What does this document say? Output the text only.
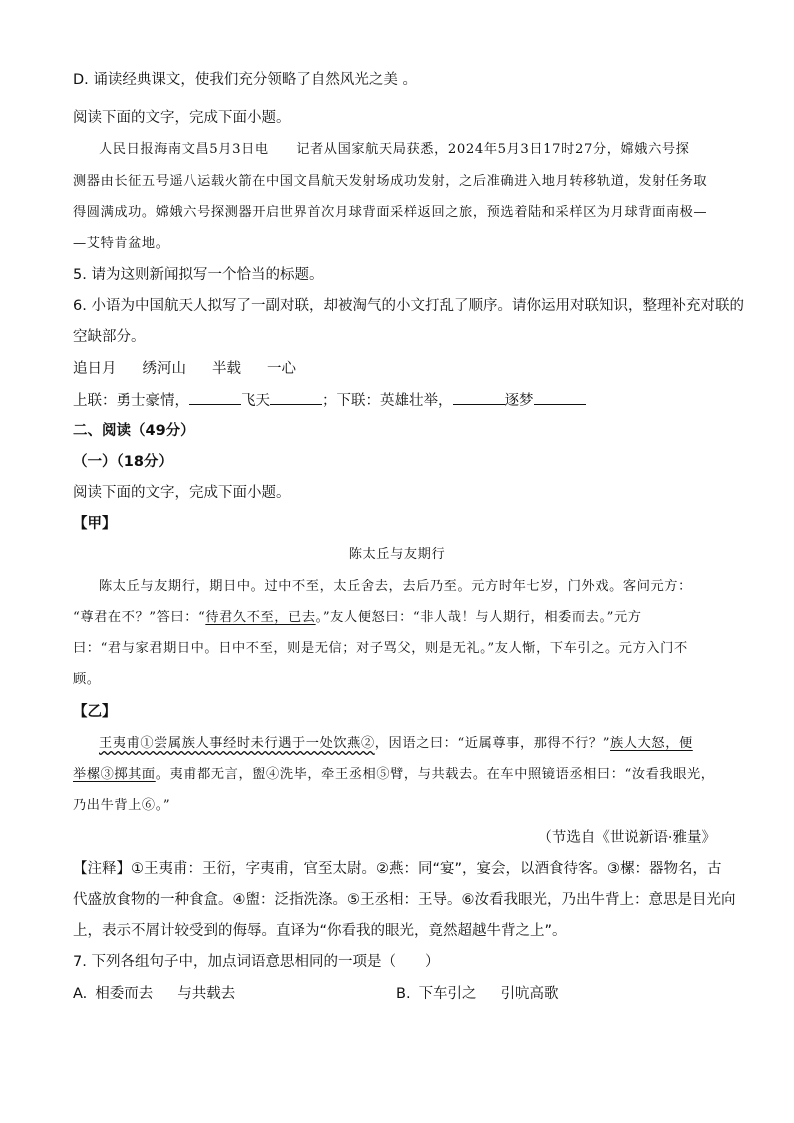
D. 诵读经典课文，使我们充分领略了自然风光之美 。
阅读下面的文字，完成下面小题。
人民日报海南文昌5月3日电　　记者从国家航天局获悉，2024年5月3日17时27分，嫦娥六号探
测器由长征五号遥八运载火箭在中国文昌航天发射场成功发射，之后准确进入地月转移轨道，发射任务取
得圆满成功。嫦娥六号探测器开启世界首次月球背面采样返回之旅，预选着陆和采样区为月球背面南极—
—艾特肯盆地。
5. 请为这则新闻拟写一个恰当的标题。
6. 小语为中国航天人拟写了一副对联，却被淘气的小文打乱了顺序。请你运用对联知识，整理补充对联的
空缺部分。
追日月 绣河山 半载 一心
上联：勇士豪情，	飞天	；下联：英雄壮举，	逐梦
二、阅读（49分）
（一）（18分）
阅读下面的文字，完成下面小题。
【甲】
陈太丘与友期行
陈太丘与友期行，期日中。过中不至，太丘舍去，去后乃至。元方时年七岁，门外戏。客问元方：
“尊君在不？”答曰：“待君久不至，已去。”友人便怒曰：“非人哉！与人期行，相委而去。”元方
曰：“君与家君期日中。日中不至，则是无信；对子骂父，则是无礼。”友人惭，下车引之。元方入门不
顾。
【乙】
王夷甫①尝属族人事经时未行遇于一处饮燕②，因语之曰：“近属尊事，那得不行？”族人大怒，便
举樏③掷其面。夷甫都无言，盥④洗毕，牵王丞相⑤臂，与共载去。在车中照镜语丞相曰：“汝看我眼光，
乃出牛背上⑥。”
（节选自《世说新语·雅量》
【注释】①王夷甫：王衍，字夷甫，官至太尉。②燕：同“宴”，宴会，以酒食待客。③樏：器物名，古
代盛放食物的一种食盒。④盥：泛指洗涤。⑤王丞相：王导。⑥汝看我眼光，乃出牛背上：意思是目光向
上，表示不屑计较受到的侮辱。直译为“你看我的眼光，竟然超越牛背之上”。
7. 下列各组句子中，加点词语意思相同的一项是（　　）
A. 相委而去 与共载去	B. 下车引之 引吭高歌
